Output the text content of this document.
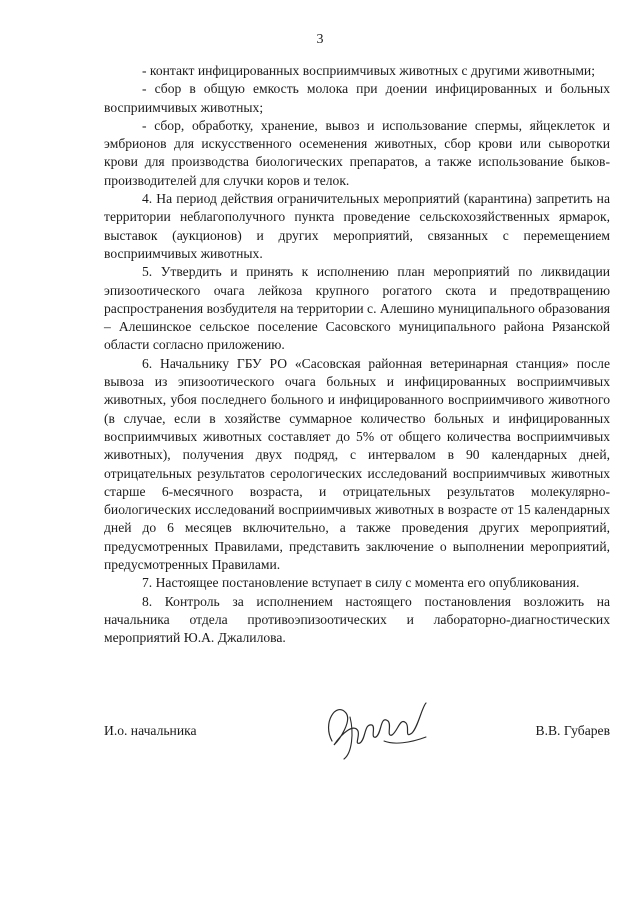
3

- контакт инфицированных восприимчивых животных с другими животными;

- сбор в общую емкость молока при доении инфицированных и больных восприимчивых животных;

- сбор, обработку, хранение, вывоз и использование спермы, яйцеклеток и эмбрионов для искусственного осеменения животных, сбор крови или сыворотки крови для производства биологических препаратов, а также использование быков-производителей для случки коров и телок.

4. На период действия ограничительных мероприятий (карантина) запретить на территории неблагополучного пункта проведение сельскохозяйственных ярмарок, выставок (аукционов) и других мероприятий, связанных с перемещением восприимчивых животных.

5. Утвердить и принять к исполнению план мероприятий по ликвидации эпизоотического очага лейкоза крупного рогатого скота и предотвращению распространения возбудителя на территории с. Алешино муниципального образования – Алешинское сельское поселение Сасовского муниципального района Рязанской области согласно приложению.

6. Начальнику ГБУ РО «Сасовская районная ветеринарная станция» после вывоза из эпизоотического очага больных и инфицированных восприимчивых животных, убоя последнего больного и инфицированного восприимчивого животного (в случае, если в хозяйстве суммарное количество больных и инфицированных восприимчивых животных составляет до 5% от общего количества восприимчивых животных), получения двух подряд, с интервалом в 90 календарных дней, отрицательных результатов серологических исследований восприимчивых животных старше 6-месячного возраста, и отрицательных результатов молекулярно-биологических исследований восприимчивых животных в возрасте от 15 календарных дней до 6 месяцев включительно, а также проведения других мероприятий, предусмотренных Правилами, представить заключение о выполнении мероприятий, предусмотренных Правилами.

7. Настоящее постановление вступает в силу с момента его опубликования.

8. Контроль за исполнением настоящего постановления возложить на начальника отдела противоэпизоотических и лабораторно-диагностических мероприятий Ю.А. Джалилова.

И.о. начальника	В.В. Губарев
